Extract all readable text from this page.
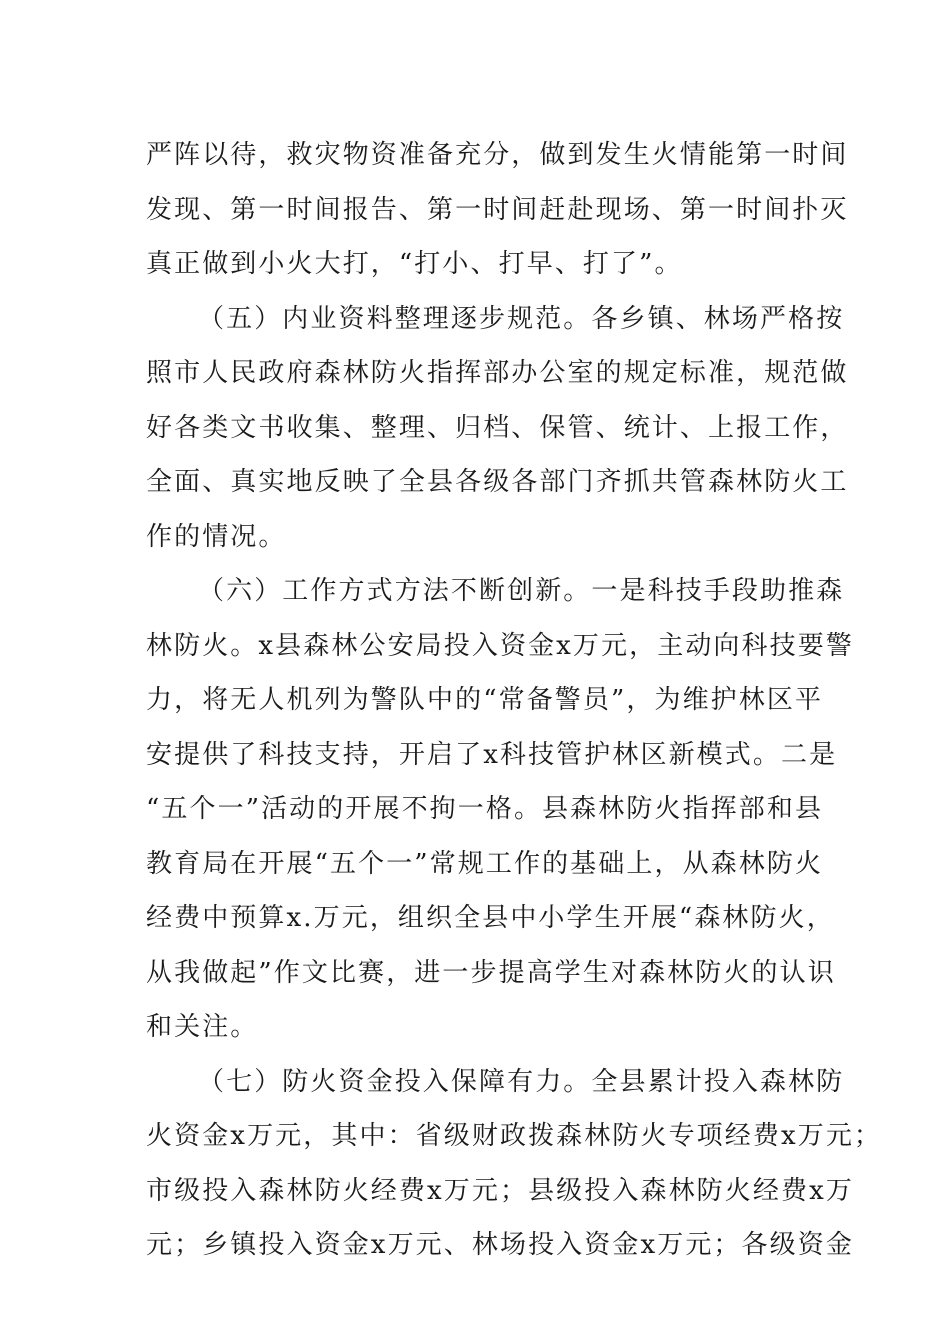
严阵以待，救灾物资准备充分，做到发生火情能第一时间
发现、第一时间报告、第一时间赶赴现场、第一时间扑灭
真正做到小火大打，“打小、打早、打了”。
（五）内业资料整理逐步规范。各乡镇、林场严格按
照市人民政府森林防火指挥部办公室的规定标准，规范做
好各类文书收集、整理、归档、保管、统计、上报工作，
全面、真实地反映了全县各级各部门齐抓共管森林防火工
作的情况。
（六）工作方式方法不断创新。一是科技手段助推森
林防火。x县森林公安局投入资金x万元，主动向科技要警
力，将无人机列为警队中的“常备警员”，为维护林区平
安提供了科技支持，开启了x科技管护林区新模式。二是
“五个一”活动的开展不拘一格。县森林防火指挥部和县
教育局在开展“五个一”常规工作的基础上，从森林防火
经费中预算x.万元，组织全县中小学生开展“森林防火，
从我做起”作文比赛，进一步提高学生对森林防火的认识
和关注。
（七）防火资金投入保障有力。全县累计投入森林防
火资金x万元，其中：省级财政拨森林防火专项经费x万元；
市级投入森林防火经费x万元；县级投入森林防火经费x万
元；乡镇投入资金x万元、林场投入资金x万元；各级资金
